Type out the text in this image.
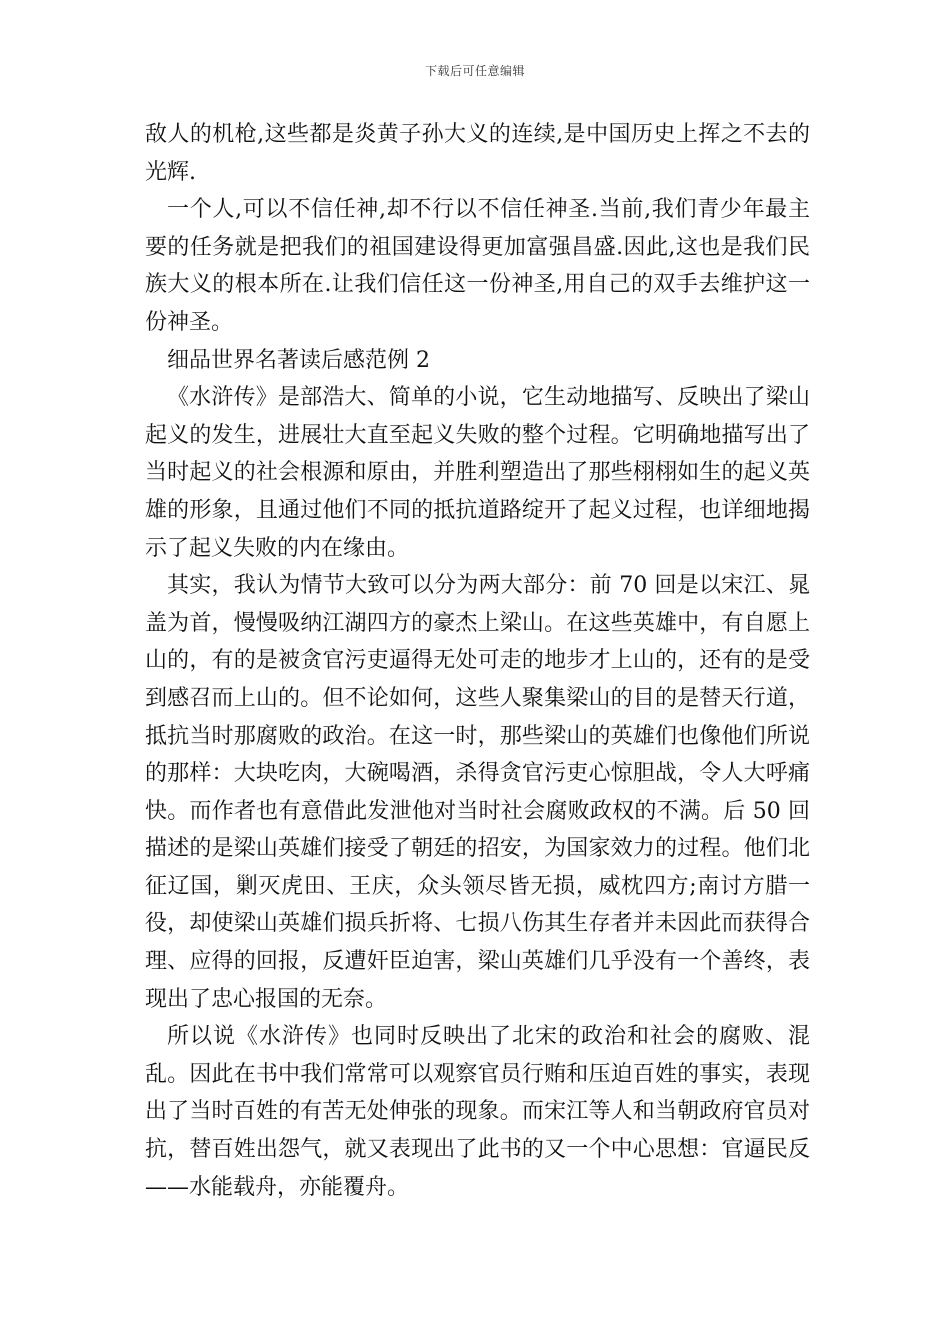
下载后可任意编辑

敌人的机枪,这些都是炎黄子孙大义的连续,是中国历史上挥之不去的光辉.

一个人,可以不信任神,却不行以不信任神圣.当前,我们青少年最主要的任务就是把我们的祖国建设得更加富强昌盛.因此,这也是我们民族大义的根本所在.让我们信任这一份神圣,用自己的双手去维护这一份神圣。

细品世界名著读后感范例 2

《水浒传》是部浩大、简单的小说，它生动地描写、反映出了梁山起义的发生，进展壮大直至起义失败的整个过程。它明确地描写出了当时起义的社会根源和原由，并胜利塑造出了那些栩栩如生的起义英雄的形象，且通过他们不同的抵抗道路绽开了起义过程，也详细地揭示了起义失败的内在缘由。

其实，我认为情节大致可以分为两大部分：前 70 回是以宋江、晁盖为首，慢慢吸纳江湖四方的豪杰上梁山。在这些英雄中，有自愿上山的，有的是被贪官污吏逼得无处可走的地步才上山的，还有的是受到感召而上山的。但不论如何，这些人聚集梁山的目的是替天行道，抵抗当时那腐败的政治。在这一时，那些梁山的英雄们也像他们所说的那样：大块吃肉，大碗喝酒，杀得贪官污吏心惊胆战，令人大呼痛快。而作者也有意借此发泄他对当时社会腐败政权的不满。后 50 回描述的是梁山英雄们接受了朝廷的招安，为国家效力的过程。他们北征辽国，剿灭虎田、王庆，众头领尽皆无损，威枕四方;南讨方腊一役，却使梁山英雄们损兵折将、七损八伤其生存者并未因此而获得合理、应得的回报，反遭奸臣迫害，梁山英雄们几乎没有一个善终，表现出了忠心报国的无奈。

所以说《水浒传》也同时反映出了北宋的政治和社会的腐败、混乱。因此在书中我们常常可以观察官员行贿和压迫百姓的事实，表现出了当时百姓的有苦无处伸张的现象。而宋江等人和当朝政府官员对抗，替百姓出怨气，就又表现出了此书的又一个中心思想：官逼民反——水能载舟，亦能覆舟。
